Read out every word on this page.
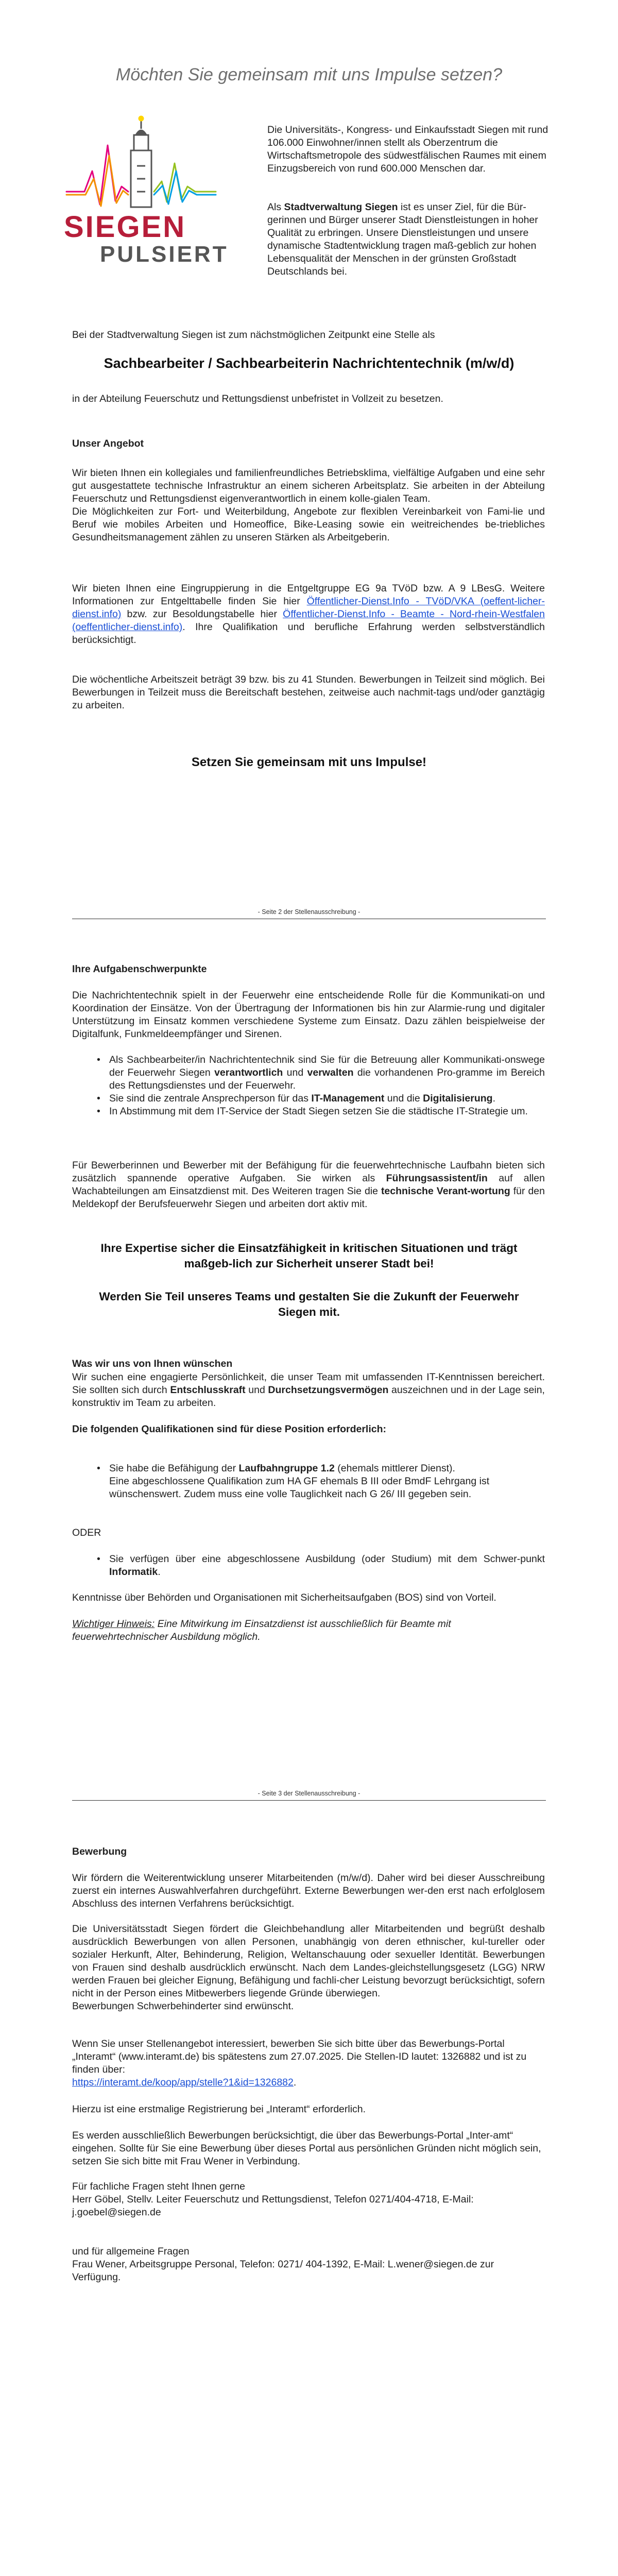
Möchten Sie gemeinsam mit uns Impulse setzen?
SIEGEN
PULSIERT
Die Universitäts-, Kongress- und Einkaufsstadt Siegen mit rund 106.000 Einwohner/innen stellt als Oberzentrum die Wirtschaftsmetropole des südwestfälischen Raumes mit einem Einzugsbereich von rund 600.000 Menschen dar.
Als Stadtverwaltung Siegen ist es unser Ziel, für die Bür-gerinnen und Bürger unserer Stadt Dienstleistungen in hoher Qualität zu erbringen. Unsere Dienstleistungen und unsere dynamische Stadtentwicklung tragen maß-geblich zur hohen Lebensqualität der Menschen in der grünsten Großstadt Deutschlands bei.
Bei der Stadtverwaltung Siegen ist zum nächstmöglichen Zeitpunkt eine Stelle als
Sachbearbeiter / Sachbearbeiterin Nachrichtentechnik (m/w/d)
in der Abteilung Feuerschutz und Rettungsdienst unbefristet in Vollzeit zu besetzen.
Unser Angebot

Wir bieten Ihnen ein kollegiales und familienfreundliches Betriebsklima, vielfältige Aufgaben und eine sehr gut ausgestattete technische Infrastruktur an einem sicheren Arbeitsplatz. Sie arbeiten in der Abteilung Feuerschutz und Rettungsdienst eigenverantwortlich in einem kolle-gialen Team.

Die Möglichkeiten zur Fort- und Weiterbildung, Angebote zur flexiblen Vereinbarkeit von Fami-lie und Beruf wie mobiles Arbeiten und Homeoffice, Bike-Leasing sowie ein weitreichendes be-triebliches Gesundheitsmanagement zählen zu unseren Stärken als Arbeitgeberin.

Wir bieten Ihnen eine Eingruppierung in die Entgeltgruppe EG 9a TVöD bzw. A 9 LBesG. Weitere Informationen zur Entgelttabelle finden Sie hier Öffentlicher-Dienst.Info - TVöD/VKA (oeffent-licher-dienst.info) bzw. zur Besoldungstabelle hier Öffentlicher-Dienst.Info - Beamte - Nord-rhein-Westfalen (oeffentlicher-dienst.info). Ihre Qualifikation und berufliche Erfahrung werden selbstverständlich berücksichtigt.
Die wöchentliche Arbeitszeit beträgt 39 bzw. bis zu 41 Stunden. Bewerbungen in Teilzeit sind möglich. Bei Bewerbungen in Teilzeit muss die Bereitschaft bestehen, zeitweise auch nachmit-tags und/oder ganztägig zu arbeiten.
Setzen Sie gemeinsam mit uns Impulse!
- Seite 2 der Stellenausschreibung -
Ihre Aufgabenschwerpunkte
Die Nachrichtentechnik spielt in der Feuerwehr eine entscheidende Rolle für die Kommunikati-on und Koordination der Einsätze. Von der Übertragung der Informationen bis hin zur Alarmie-rung und digitaler Unterstützung im Einsatz kommen verschiedene Systeme zum Einsatz. Dazu zählen beispielweise der Digitalfunk, Funkmeldeempfänger und Sirenen.
• Als Sachbearbeiter/in Nachrichtentechnik sind Sie für die Betreuung aller Kommunikati-onswege der Feuerwehr Siegen verantwortlich und verwalten die vorhandenen Pro-gramme im Bereich des Rettungsdienstes und der Feuerwehr.
• Sie sind die zentrale Ansprechperson für das IT-Management und die Digitalisierung.
• In Abstimmung mit dem IT-Service der Stadt Siegen setzen Sie die städtische IT-Strategie um.
Für Bewerberinnen und Bewerber mit der Befähigung für die feuerwehrtechnische Laufbahn bieten sich zusätzlich spannende operative Aufgaben. Sie wirken als Führungsassistent/in auf allen Wachabteilungen am Einsatzdienst mit. Des Weiteren tragen Sie die technische Verant-wortung für den Meldekopf der Berufsfeuerwehr Siegen und arbeiten dort aktiv mit.
Ihre Expertise sicher die Einsatzfähigkeit in kritischen Situationen und trägt maßgeb-lich zur Sicherheit unserer Stadt bei!
Werden Sie Teil unseres Teams und gestalten Sie die Zukunft der Feuerwehr Siegen mit.
Was wir uns von Ihnen wünschen
Wir suchen eine engagierte Persönlichkeit, die unser Team mit umfassenden IT-Kenntnissen bereichert. Sie sollten sich durch Entschlusskraft und Durchsetzungsvermögen auszeichnen und in der Lage sein, konstruktiv im Team zu arbeiten.
Die folgenden Qualifikationen sind für diese Position erforderlich:
• Sie habe die Befähigung der Laufbahngruppe 1.2 (ehemals mittlerer Dienst).
Eine abgeschlossene Qualifikation zum HA GF ehemals B III oder BmdF Lehrgang ist wünschenswert. Zudem muss eine volle Tauglichkeit nach G 26/ III gegeben sein.
ODER
• Sie verfügen über eine abgeschlossene Ausbildung (oder Studium) mit dem Schwer-punkt Informatik.
Kenntnisse über Behörden und Organisationen mit Sicherheitsaufgaben (BOS) sind von Vorteil.
Wichtiger Hinweis: Eine Mitwirkung im Einsatzdienst ist ausschließlich für Beamte mit feuerwehrtechnischer Ausbildung möglich.
- Seite 3 der Stellenausschreibung -
Bewerbung
Wir fördern die Weiterentwicklung unserer Mitarbeitenden (m/w/d). Daher wird bei dieser Ausschreibung zuerst ein internes Auswahlverfahren durchgeführt. Externe Bewerbungen wer-den erst nach erfolglosem Abschluss des internen Verfahrens berücksichtigt.

Die Universitätsstadt Siegen fördert die Gleichbehandlung aller Mitarbeitenden und begrüßt deshalb ausdrücklich Bewerbungen von allen Personen, unabhängig von deren ethnischer, kul-tureller oder sozialer Herkunft, Alter, Behinderung, Religion, Weltanschauung oder sexueller Identität. Bewerbungen von Frauen sind deshalb ausdrücklich erwünscht. Nach dem Landes-gleichstellungsgesetz (LGG) NRW werden Frauen bei gleicher Eignung, Befähigung und fachli-cher Leistung bevorzugt berücksichtigt, sofern nicht in der Person eines Mitbewerbers liegende Gründe überwiegen.

Bewerbungen Schwerbehinderter sind erwünscht.

Wenn Sie unser Stellenangebot interessiert, bewerben Sie sich bitte über das Bewerbungs-Portal „Interamt“ (www.interamt.de) bis spätestens zum 27.07.2025. Die Stellen-ID lautet: 1326882 und ist zu finden über:
https://interamt.de/koop/app/stelle?1&id=1326882.
Hierzu ist eine erstmalige Registrierung bei „Interamt“ erforderlich.
Es werden ausschließlich Bewerbungen berücksichtigt, die über das Bewerbungs-Portal „Inter-amt“ eingehen. Sollte für Sie eine Bewerbung über dieses Portal aus persönlichen Gründen nicht möglich sein, setzen Sie sich bitte mit Frau Wener in Verbindung.

Für fachliche Fragen steht Ihnen gerne

Herr Göbel, Stellv. Leiter Feuerschutz und Rettungsdienst, Telefon 0271/404-4718, E-Mail: j.goebel@siegen.de

und für allgemeine Fragen

Frau Wener, Arbeitsgruppe Personal, Telefon: 0271/ 404-1392, E-Mail: L.wener@siegen.de zur Verfügung.
